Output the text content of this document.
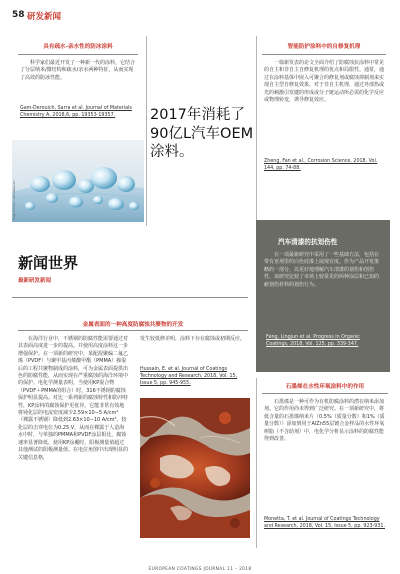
58 研发新闻
具有疏水-亲水性的防冰涂料

科学家们最近开发了一种新一代的涂料，它结合了分层纳米/微结构和疏水/亲水两种特征，从而实现了高效的防冰性能。

Gam-Derouich, Sarra et al. Journal of Materials Chemistry A, 2018,6, pp. 19353-19357.
Image: Smirnova - stock.adobe.com
2017年消耗了90亿L汽车OEM涂料。
智能防护涂料中的自修复机理

一篇新发表的论文全面介绍了防腐蚀抗涂料中常见的自主和非自主自修复机理的优点和局限性。通常，通过在涂料基体中嵌入可聚合的修复剂或腐蚀抑制剂来实现自主型自修复效果，对于非自主机理，通过外部热或光的刺激引发键的形成或分子链运动所必需的化学反应或物理转变，诱导修复效应。

Zheng, Fan et al., Corrosion Science, 2018, Vol. 144, pp. 74-88.
新闻世界
最新研发新闻
汽车清漆的抗划伤性

在一项最新研究中采用了一些基础方法，包括在带有亚剂里的白色底漆上展现有度。作为产品开发策略的一部分，以更好地理解汽车清漆的划伤和创伤性，该研究比较了市场上较常见的两种涂层和已知的耐划伤材料的划伤行为。

Feng, Lingjun et al. Progress in Organic Coatings, 2018, Vol. 125, pp. 339-347.
金属表面的一种高度防腐蚀共聚物的开发

在海洋行业中，不锈钢的防腐性能需要通过对其表面高度进一步的提高。并使用高度涂料这一步增强保护。在一项新的研究中，某配混聚偏二氟乙烯（PVDF）与聚甲基丙烯酸甲酯（PMMA）掺混后的工程共聚物制成的涂料，可为金属表面提供出色的防腐性能，从而实现在严重腐蚀的海洋环境中的保护。电化学测量表明，当使用KP混合物（PVDF＋PMMA的组合）时，316不锈钢的腐蚀保护明显提高。对比一系列新的腐蚀特性和防冲特性，KP涂料的腐蚀保护更优异。它能非常有效地将钝化层的电流密度减少2.59×10−5 A/cm²（裸露不锈钢）降低到2.63×10−10 A/cm²。较化层的击穿电位为0.25 V，从而在裸露于人造海水中时，与单独的PMMA和PVDF涂层相比，腐蚀速率显著降低。使用KP涂覆时，阳极测量值超过其他测试的阳极测量值。在电位角图中出现明显的关键信息格，

发生较低修差明，涂料下存在腐蚀或初期反应。

Hussain, E. et al. Journal of Coatings Technology and Research, 2018, Vol. 15, Issue 5, pp. 945-955.
石墨烯在水性环氧涂料中的作用

石墨烯是一种可作为有机防腐涂料的潜在纳米添加剂。它的作用尚未得到广泛研究。在一项新研究中，将低含量的石墨烯纳米片（0.5%（质量分数）和1%（质量分数））添加到用于AlZn55层镀合金样品的水性环氧树脂（不含助剂）中，电化学分析显示涂料的防腐性能得到改善。

Monetta, T. et al. Journal of Coatings Technology and Research, 2018, Vol. 15, Issue 5, pp. 923-931.
EUROPEAN COATINGS JOURNAL 11 – 2018
